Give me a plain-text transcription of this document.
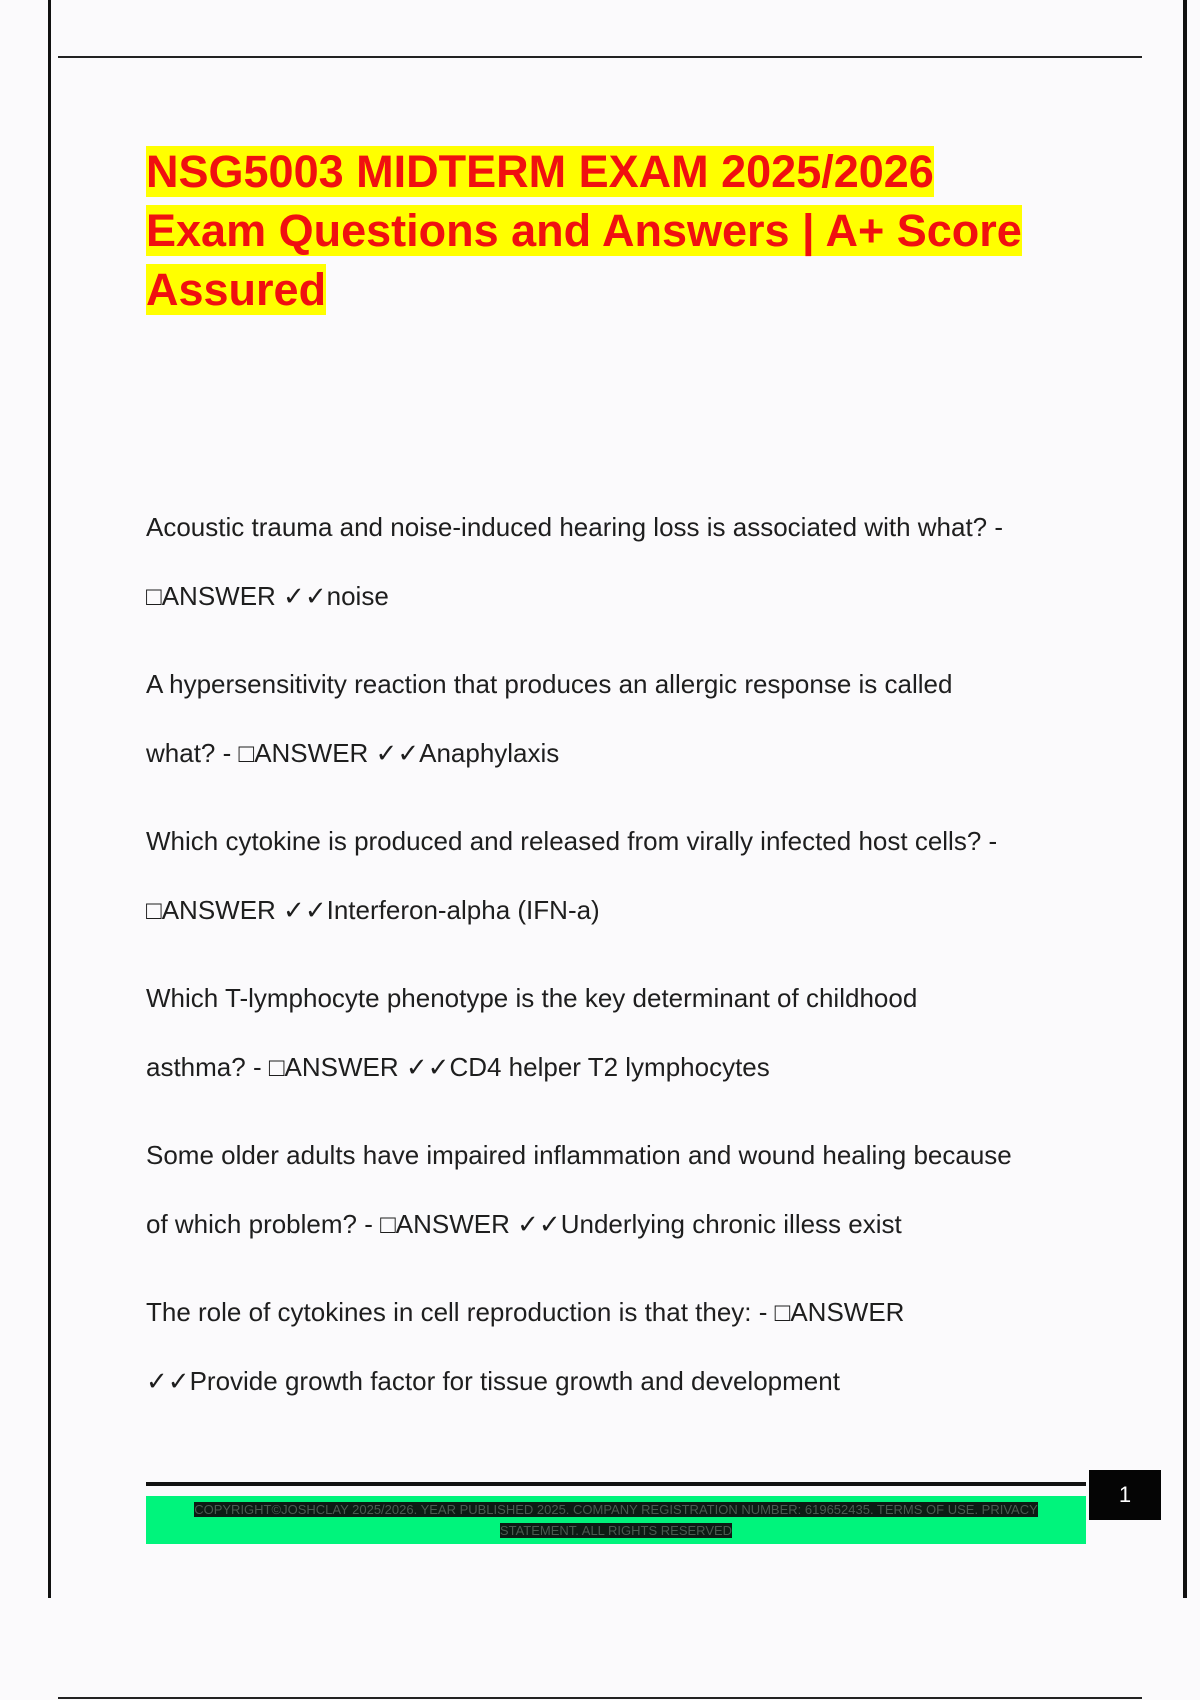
NSG5003 MIDTERM EXAM 2025/2026
Exam Questions and Answers | A+ Score
Assured
Acoustic trauma and noise-induced hearing loss is associated with what? -
□ANSWER ✓✓noise
A hypersensitivity reaction that produces an allergic response is called
what? - □ANSWER ✓✓Anaphylaxis
Which cytokine is produced and released from virally infected host cells? -
□ANSWER ✓✓Interferon-alpha (IFN-a)
Which T-lymphocyte phenotype is the key determinant of childhood
asthma? - □ANSWER ✓✓CD4 helper T2 lymphocytes
Some older adults have impaired inflammation and wound healing because
of which problem? - □ANSWER ✓✓Underlying chronic illess exist
The role of cytokines in cell reproduction is that they: - □ANSWER
✓✓Provide growth factor for tissue growth and development
COPYRIGHT©JOSHCLAY 2025/2026. YEAR PUBLISHED 2025. COMPANY REGISTRATION NUMBER: 619652435. TERMS OF USE. PRIVACY
STATEMENT. ALL RIGHTS RESERVED
1
